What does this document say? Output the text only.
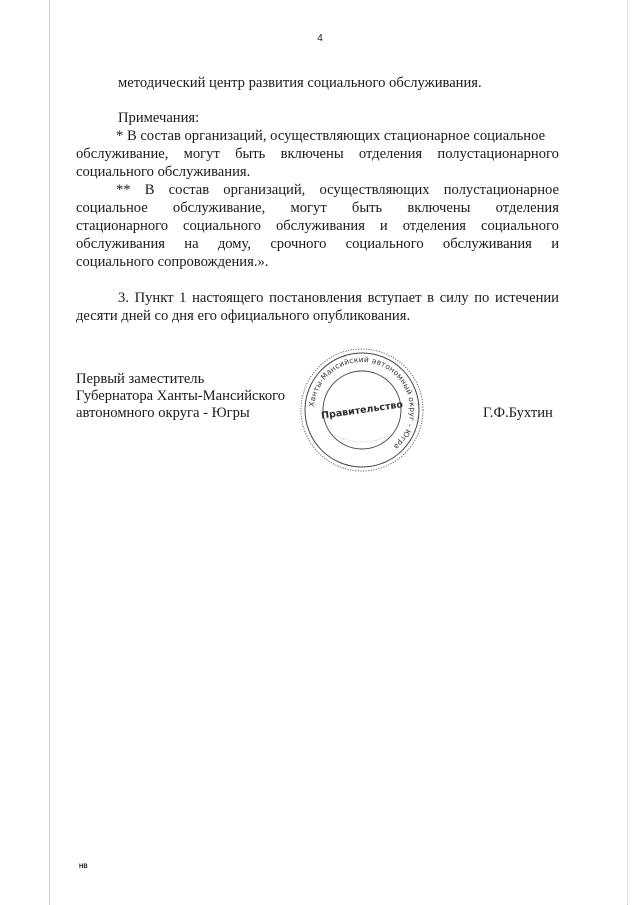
4
методический центр развития социального обслуживания.
Примечания:
* В состав организаций, осуществляющих стационарное социальное
обслуживание, могут быть включены отделения полустационарного
социального обслуживания.
** В состав организаций, осуществляющих полустационарное
социальное обслуживание, могут быть включены отделения
стационарного социального обслуживания и отделения социального
обслуживания на дому, срочного социального обслуживания и
социального сопровождения.».
3. Пункт 1 настоящего постановления вступает в силу по истечении
десяти дней со дня его официального опубликования.
Первый заместитель
Губернатора Ханты-Мансийского
автономного округа - Югры	Г.Ф.Бухтин
Ханты-Мансийский автономный округ - Югра
Правительство
НВ
